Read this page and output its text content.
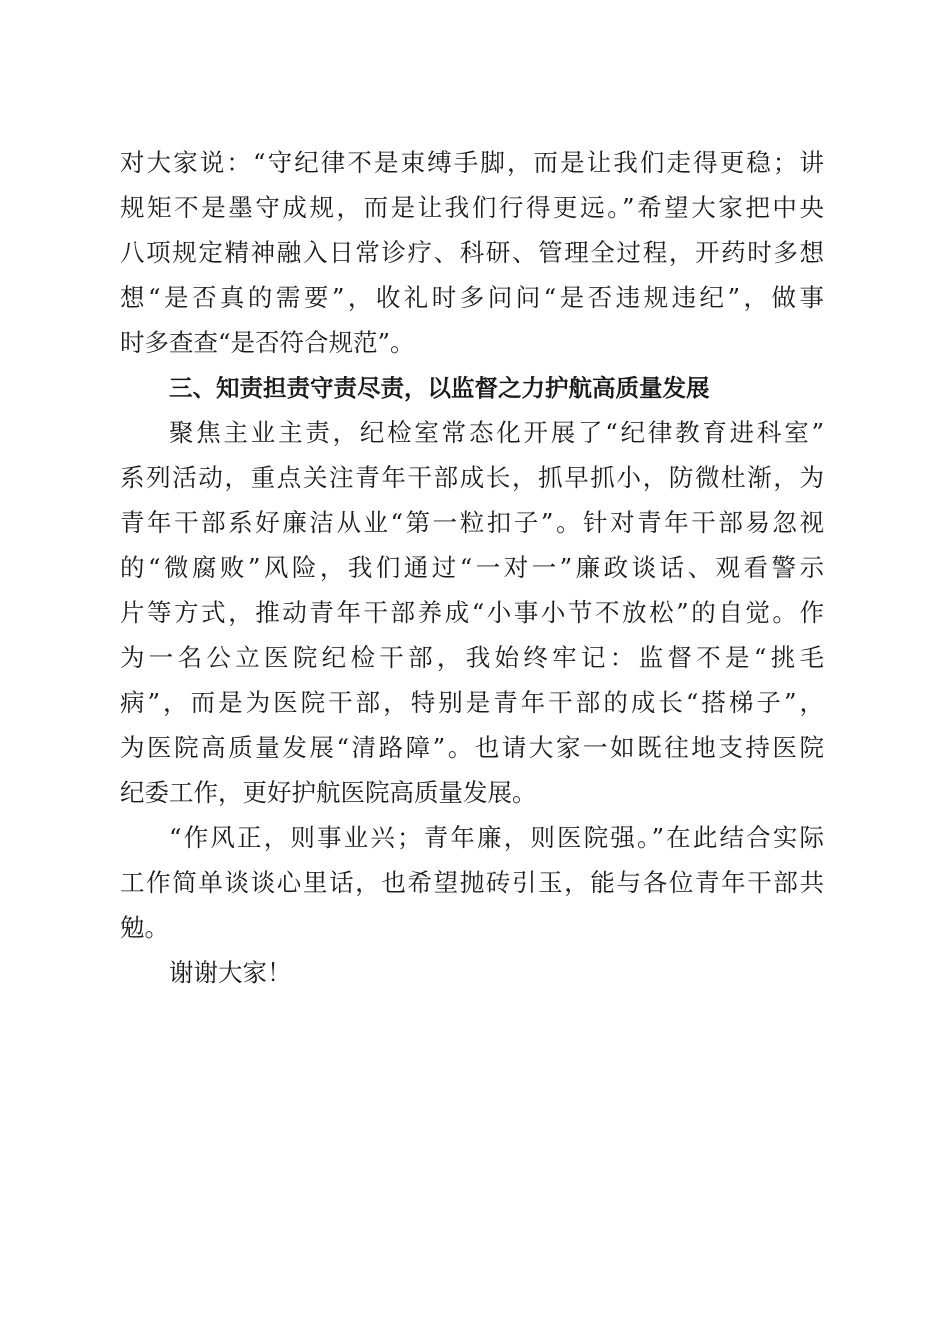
对大家说：“守纪律不是束缚手脚，而是让我们走得更稳；讲
规矩不是墨守成规，而是让我们行得更远。”希望大家把中央
八项规定精神融入日常诊疗、科研、管理全过程，开药时多想
想“是否真的需要”，收礼时多问问“是否违规违纪”，做事
时多查查“是否符合规范”。
三、知责担责守责尽责，以监督之力护航高质量发展
聚焦主业主责，纪检室常态化开展了“纪律教育进科室”
系列活动，重点关注青年干部成长，抓早抓小，防微杜渐，为
青年干部系好廉洁从业“第一粒扣子”。针对青年干部易忽视
的“微腐败”风险，我们通过“一对一”廉政谈话、观看警示
片等方式，推动青年干部养成“小事小节不放松”的自觉。作
为一名公立医院纪检干部，我始终牢记：监督不是“挑毛
病”，而是为医院干部，特别是青年干部的成长“搭梯子”，
为医院高质量发展“清路障”。也请大家一如既往地支持医院
纪委工作，更好护航医院高质量发展。
“作风正，则事业兴；青年廉，则医院强。”在此结合实际
工作简单谈谈心里话，也希望抛砖引玉，能与各位青年干部共
勉。
谢谢大家！
